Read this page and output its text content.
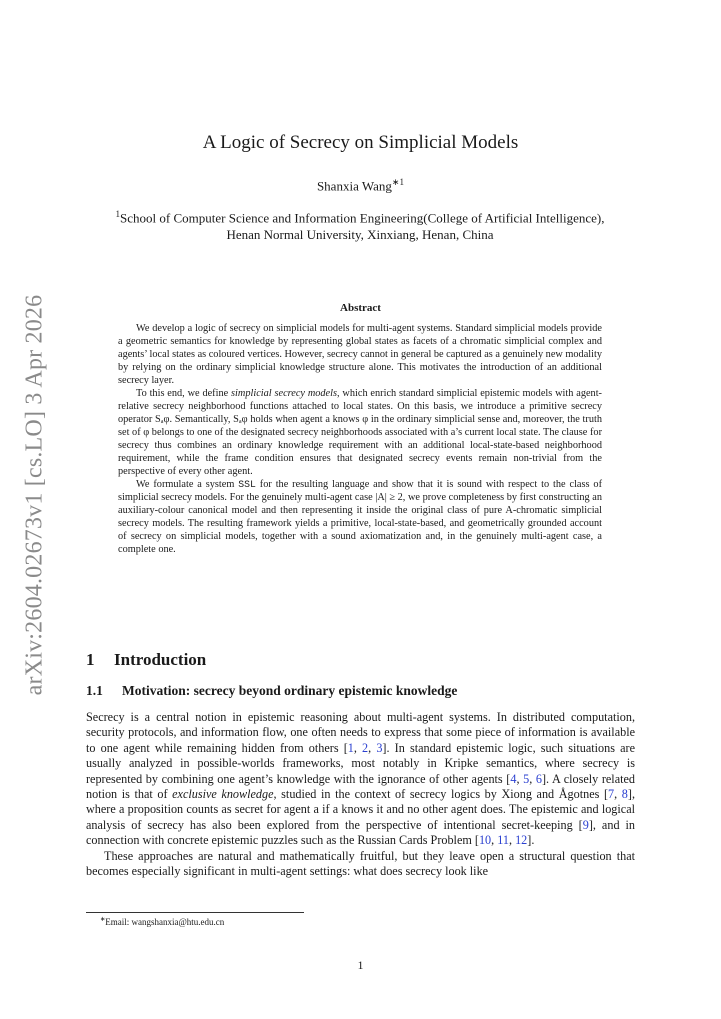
arXiv:2604.02673v1 [cs.LO] 3 Apr 2026
A Logic of Secrecy on Simplicial Models
Shanxia Wang$^{∗1}$
$^1$School of Computer Science and Information Engineering(College of Artificial Intelligence), Henan Normal University, Xinxiang, Henan, China
Abstract

We develop a logic of secrecy on simplicial models for multi-agent systems. Standard simplicial models provide a geometric semantics for knowledge by representing global states as facets of a chromatic simplicial complex and agents’ local states as coloured vertices. However, secrecy cannot in general be captured as a genuinely new modality by relying on the ordinary simplicial knowledge structure alone. This motivates the introduction of an additional secrecy layer.

To this end, we define simplicial secrecy models, which enrich standard simplicial epistemic models with agent-relative secrecy neighborhood functions attached to local states. On this basis, we introduce a primitive secrecy operator Sₐφ. Semantically, Sₐφ holds when agent a knows φ in the ordinary simplicial sense and, moreover, the truth set of φ belongs to one of the designated secrecy neighborhoods associated with a’s current local state. The clause for secrecy thus combines an ordinary knowledge requirement with an additional local-state-based neighborhood requirement, while the frame condition ensures that designated secrecy events remain non-trivial from the perspective of every other agent.

We formulate a system SSL for the resulting language and show that it is sound with respect to the class of simplicial secrecy models. For the genuinely multi-agent case |A| ≥ 2, we prove completeness by first constructing an auxiliary-colour canonical model and then representing it inside the original class of pure A-chromatic simplicial secrecy models. The resulting framework yields a primitive, local-state-based, and geometrically grounded account of secrecy on simplicial models, together with a sound axiomatization and, in the genuinely multi-agent case, a complete one.

1 Introduction
1.1 Motivation: secrecy beyond ordinary epistemic knowledge

Secrecy is a central notion in epistemic reasoning about multi-agent systems. In distributed computation, security protocols, and information flow, one often needs to express that some piece of information is available to one agent while remaining hidden from others [1, 2, 3]. In standard epistemic logic, such situations are usually analyzed in possible-worlds frameworks, most notably in Kripke semantics, where secrecy is represented by combining one agent’s knowledge with the ignorance of other agents [4, 5, 6]. A closely related notion is that of exclusive knowledge, studied in the context of secrecy logics by Xiong and Ågotnes [7, 8], where a proposition counts as secret for agent a if a knows it and no other agent does. The epistemic and logical analysis of secrecy has also been explored from the perspective of intentional secret-keeping [9], and in connection with concrete epistemic puzzles such as the Russian Cards Problem [10, 11, 12].

These approaches are natural and mathematically fruitful, but they leave open a structural question that becomes especially significant in multi-agent settings: what does secrecy look like

∗Email: wangshanxia@htu.edu.cn
1
